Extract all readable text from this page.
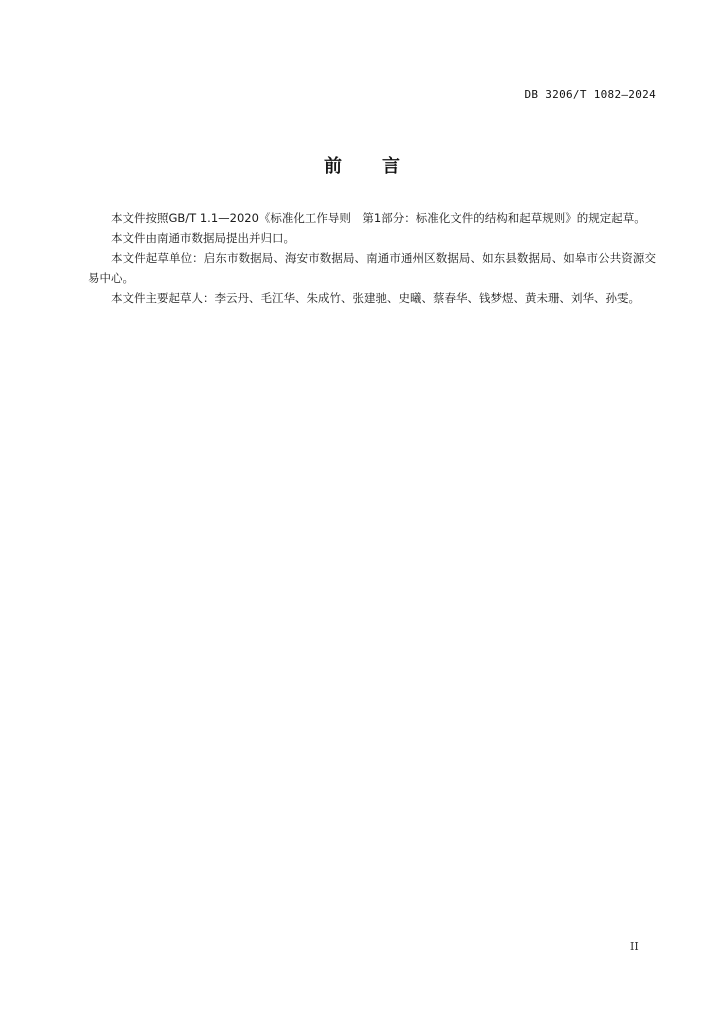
DB 3206/T 1082—2024
前言

本文件按照GB/T 1.1—2020《标准化工作导则　第1部分：标准化文件的结构和起草规则》的规定起草。

本文件由南通市数据局提出并归口。

本文件起草单位：启东市数据局、海安市数据局、南通市通州区数据局、如东县数据局、如皋市公共资源交易中心。

本文件主要起草人：李云丹、毛江华、朱成竹、张建驰、史曦、蔡春华、钱梦煜、黄未珊、刘华、孙雯。

II
